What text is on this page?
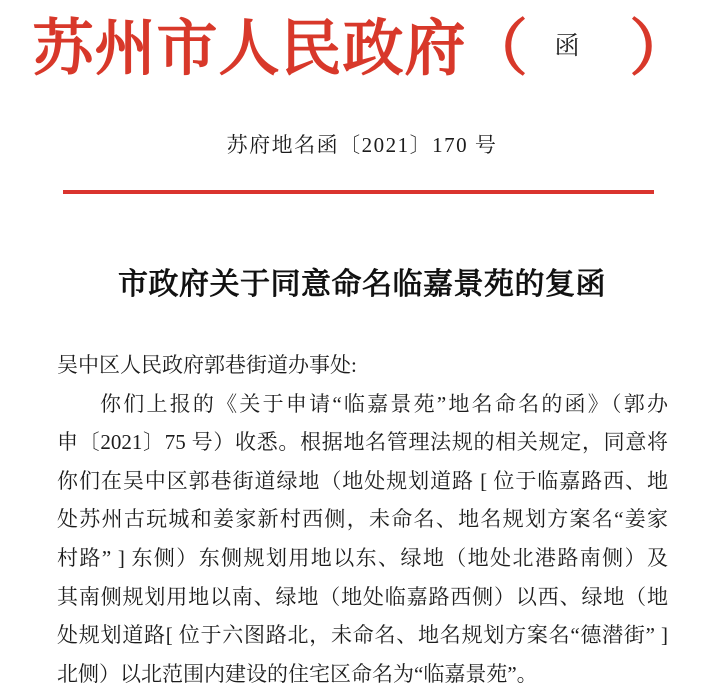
苏州市人民政府（ $^函$ ）
苏府地名函〔2021〕170 号
市政府关于同意命名临嘉景苑的复函
吴中区人民政府郭巷街道办事处:
你们上报的《关于申请“临嘉景苑”地名命名的函》（郭办
申〔2021〕75 号）收悉。根据地名管理法规的相关规定，同意将
你们在吴中区郭巷街道绿地（地处规划道路 [ 位于临嘉路西、地
处苏州古玩城和姜家新村西侧，未命名、地名规划方案名“姜家
村路” ] 东侧）东侧规划用地以东、绿地（地处北港路南侧）及
其南侧规划用地以南、绿地（地处临嘉路西侧）以西、绿地（地
处规划道路[ 位于六图路北，未命名、地名规划方案名“德潜街” ]
北侧）以北范围内建设的住宅区命名为“临嘉景苑”。
